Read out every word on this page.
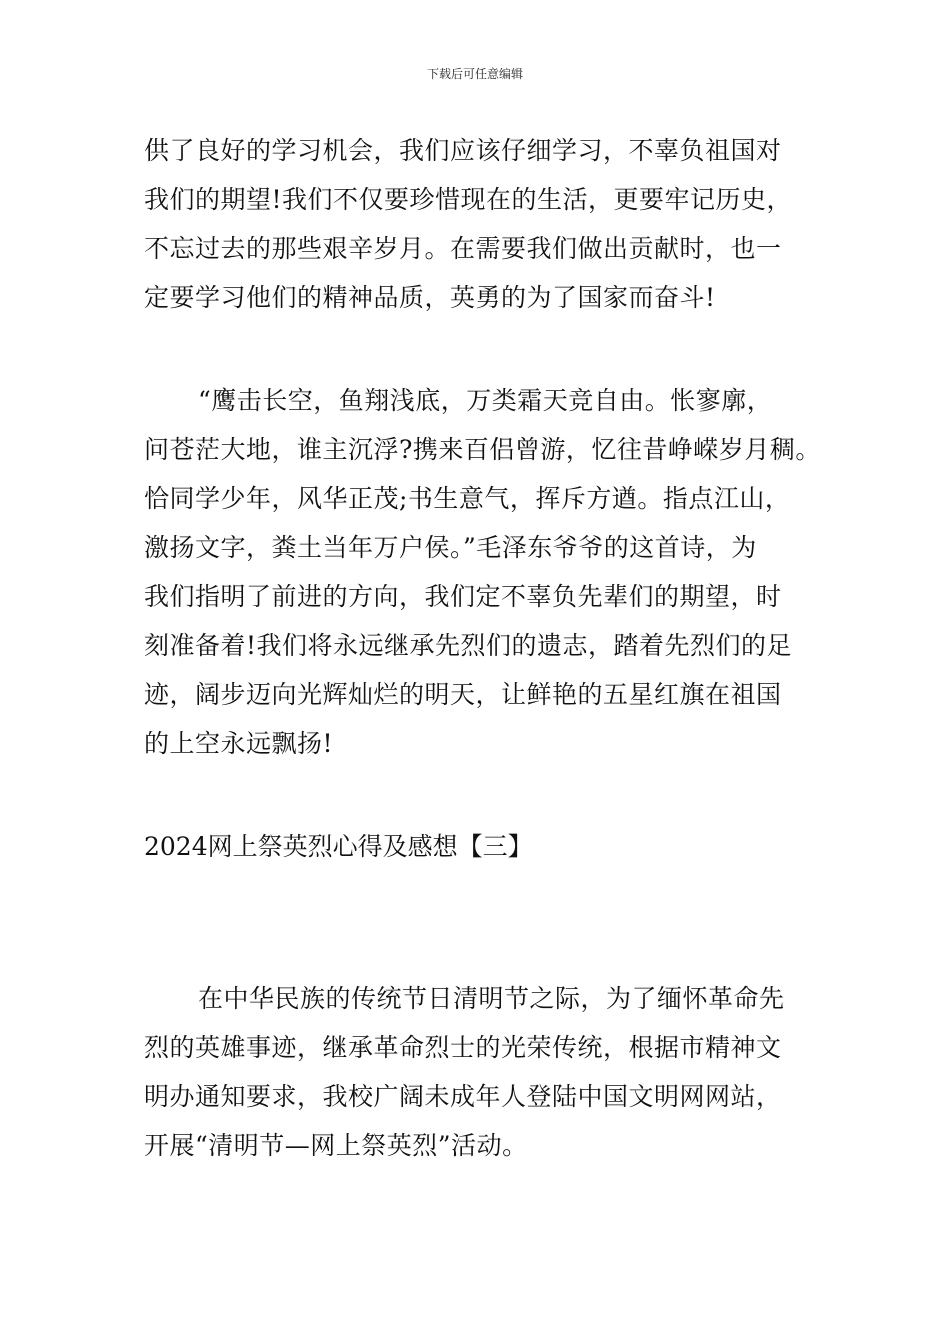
下载后可任意编辑
供了良好的学习机会，我们应该仔细学习，不辜负祖国对
我们的期望!我们不仅要珍惜现在的生活，更要牢记历史，
不忘过去的那些艰辛岁月。在需要我们做出贡献时，也一
定要学习他们的精神品质，英勇的为了国家而奋斗!
“鹰击长空，鱼翔浅底，万类霜天竞自由。怅寥廓，
问苍茫大地，谁主沉浮?携来百侣曾游，忆往昔峥嵘岁月稠。
恰同学少年，风华正茂;书生意气，挥斥方遒。指点江山，
激扬文字，粪土当年万户侯。”毛泽东爷爷的这首诗，为
我们指明了前进的方向，我们定不辜负先辈们的期望，时
刻准备着!我们将永远继承先烈们的遗志，踏着先烈们的足
迹，阔步迈向光辉灿烂的明天，让鲜艳的五星红旗在祖国
的上空永远飘扬!
2024网上祭英烈心得及感想【三】
在中华民族的传统节日清明节之际，为了缅怀革命先
烈的英雄事迹，继承革命烈士的光荣传统，根据市精神文
明办通知要求，我校广阔未成年人登陆中国文明网网站，
开展“清明节—网上祭英烈”活动。
